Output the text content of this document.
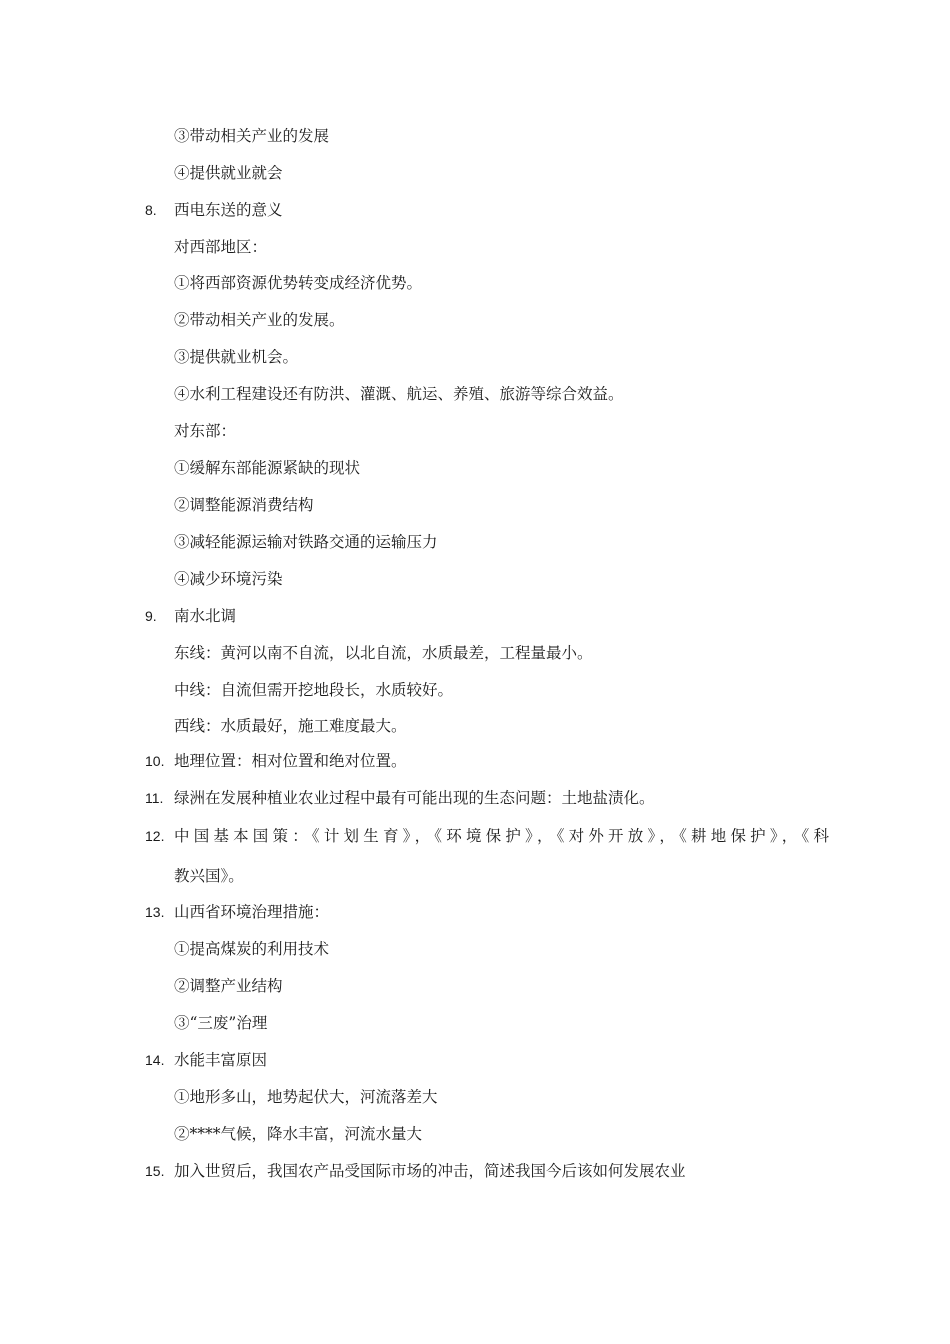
③带动相关产业的发展
④提供就业就会
8. 西电东送的意义
对西部地区：
①将西部资源优势转变成经济优势。
②带动相关产业的发展。
③提供就业机会。
④水利工程建设还有防洪、灌溉、航运、养殖、旅游等综合效益。
对东部：
①缓解东部能源紧缺的现状
②调整能源消费结构
③减轻能源运输对铁路交通的运输压力
④减少环境污染
9. 南水北调
东线：黄河以南不自流，以北自流，水质最差，工程量最小。
中线：自流但需开挖地段长，水质较好。
西线：水质最好，施工难度最大。
10. 地理位置：相对位置和绝对位置。
11. 绿洲在发展种植业农业过程中最有可能出现的生态问题：土地盐渍化。
12. 中国基本国策：《计划生育》，《环境保护》，《对外开放》，《耕地保护》，《科
教兴国》。
13. 山西省环境治理措施：
①提高煤炭的利用技术
②调整产业结构
③“三废”治理
14. 水能丰富原因
①地形多山，地势起伏大，河流落差大
②****气候，降水丰富，河流水量大
15. 加入世贸后，我国农产品受国际市场的冲击，简述我国今后该如何发展农业
